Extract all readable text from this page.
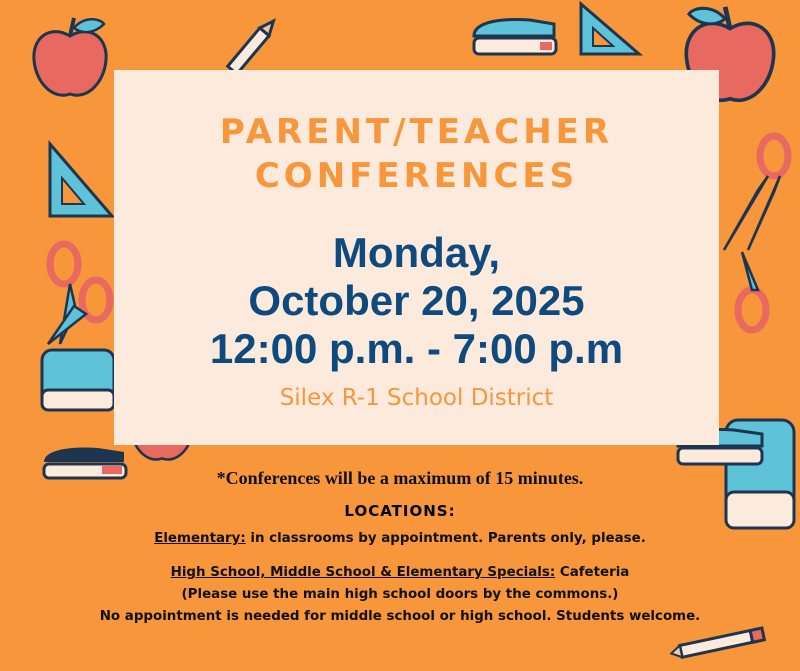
PARENT/TEACHER
CONFERENCES
Monday,
October 20, 2025
12:00 p.m. - 7:00 p.m
Silex R-1 School District
*Conferences will be a maximum of 15 minutes.
LOCATIONS:
Elementary: in classrooms by appointment. Parents only, please.
High School, Middle School & Elementary Specials: Cafeteria
(Please use the main high school doors by the commons.)
No appointment is needed for middle school or high school. Students welcome.
